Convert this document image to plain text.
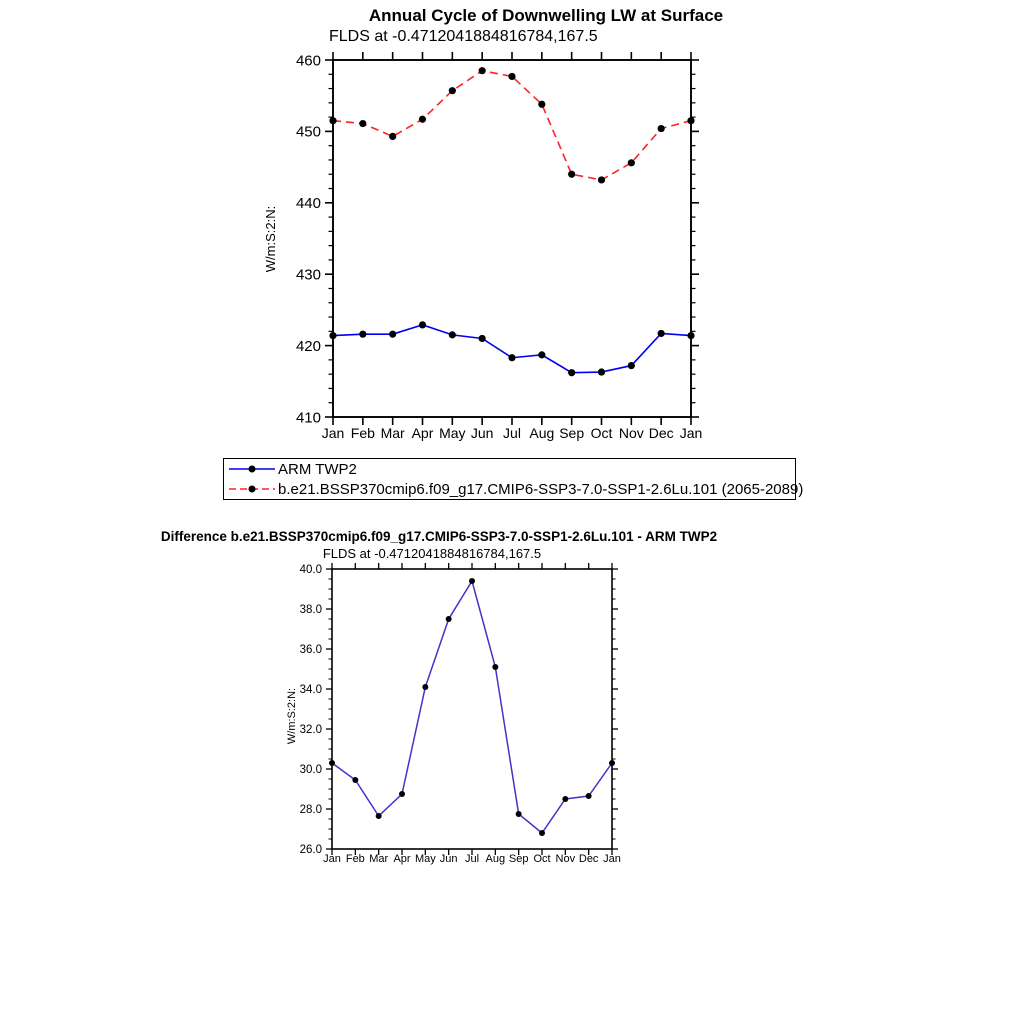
410
420
430
440
450
460
Jan Feb Mar Apr May Jun Jul Aug Sep Oct Nov Dec Jan
26.0
28.0
30.0
32.0
34.0
36.0
38.0
40.0
Jan Feb Mar Apr May Jun Jul Aug Sep Oct Nov Dec Jan
Annual Cycle of Downwelling LW at Surface
FLDS at -0.4712041884816784,167.5
W/m:S:2:N:
ARM TWP2
b.e21.BSSP370cmip6.f09_g17.CMIP6-SSP3-7.0-SSP1-2.6Lu.101 (2065-2089)
Difference b.e21.BSSP370cmip6.f09_g17.CMIP6-SSP3-7.0-SSP1-2.6Lu.101 - ARM TWP2
FLDS at -0.4712041884816784,167.5
W/m:S:2:N:
